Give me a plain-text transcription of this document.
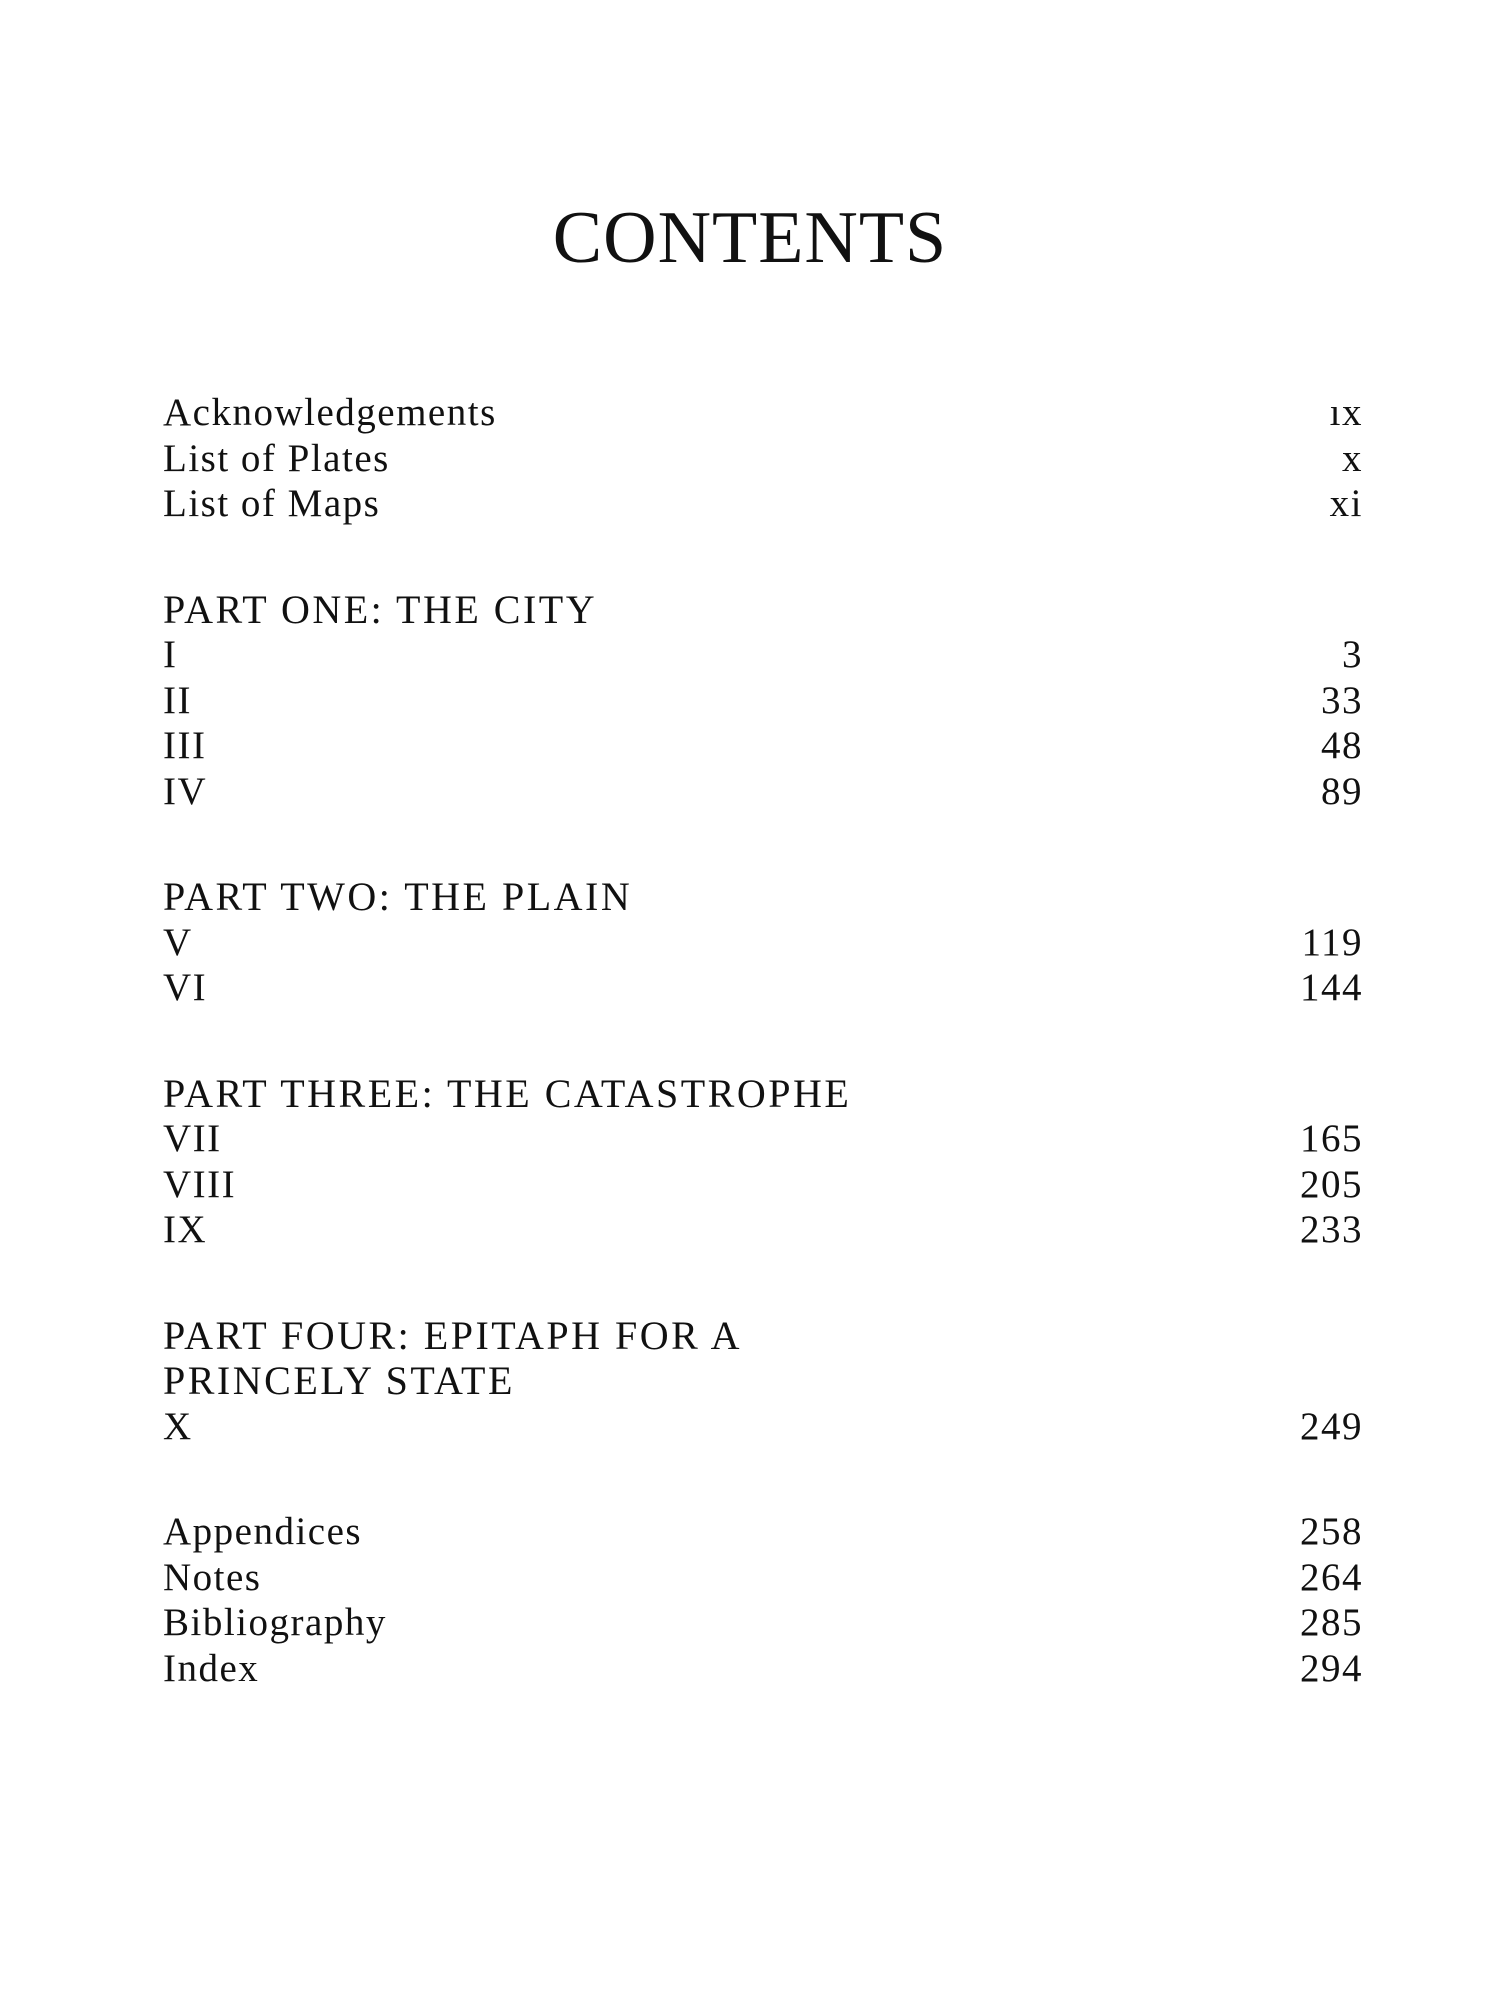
CONTENTS
Acknowledgements	ıx
List of Plates	x
List of Maps	xi
PART ONE: THE CITY
I	3
II	33
III	48
IV	89
PART TWO: THE PLAIN
V	119
VI	144
PART THREE: THE CATASTROPHE
VII	165
VIII	205
IX	233
PART FOUR: EPITAPH FOR A
PRINCELY STATE
X	249
Appendices	258
Notes	264
Bibliography	285
Index	294
